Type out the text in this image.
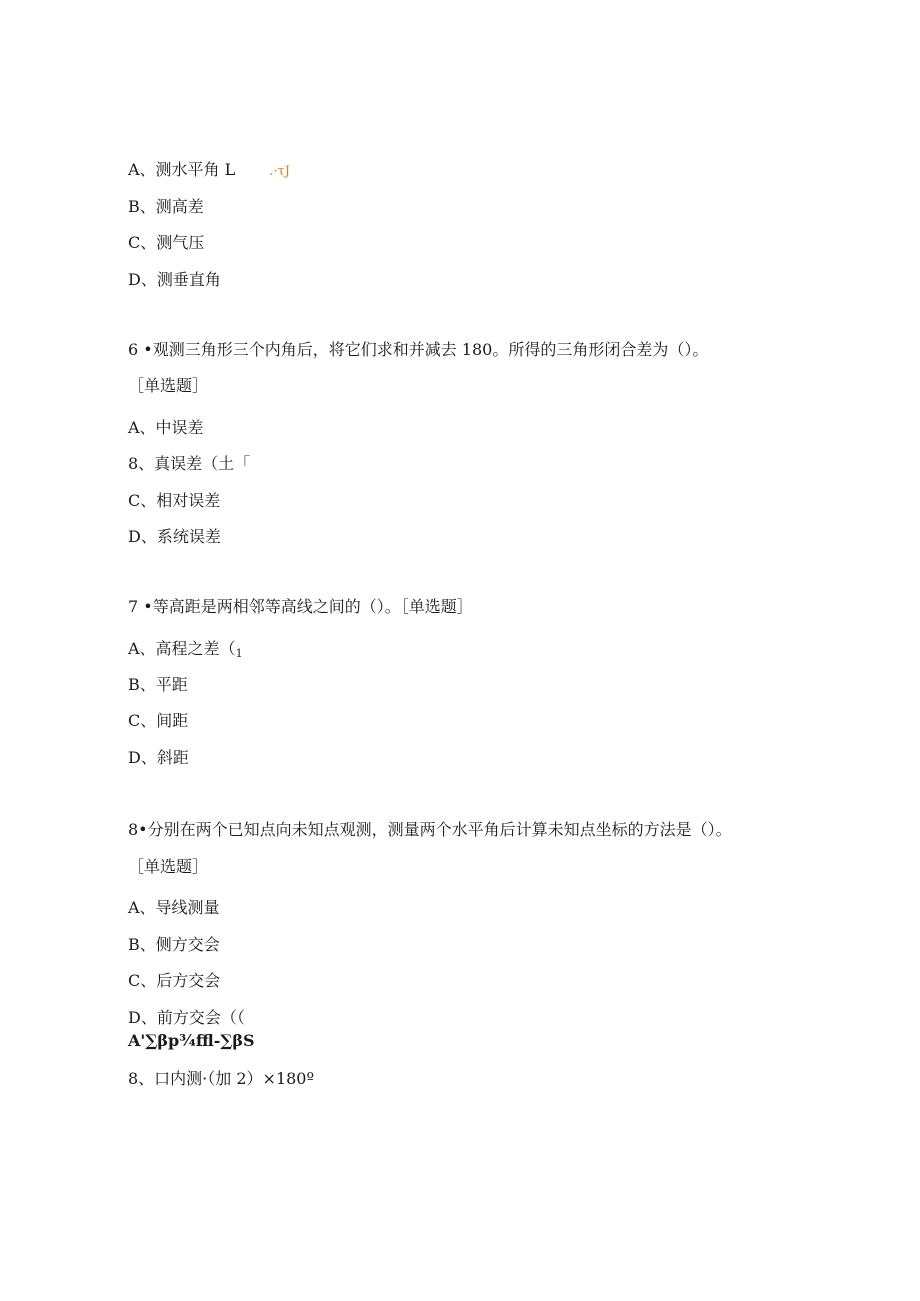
A、测水平角 L	.·τJ
B、测高差
C、测气压
D、测垂直角
6 •观测三角形三个内角后，将它们求和并减去 180。所得的三角形闭合差为（）。
［单选题］
A、中误差
8、真误差（土「
C、相对误差
D、系统误差
7 •等高距是两相邻等高线之间的（）。［单选题］
A、高程之差（1
B、平距
C、间距
D、斜距
8•分别在两个已知点向未知点观测，测量两个水平角后计算未知点坐标的方法是（）。
［单选题］
A、导线测量
B、侧方交会
C、后方交会
D、前方交会（（
A'∑βp¾ffl-∑βS
8、口内测·（加 2）×180º
